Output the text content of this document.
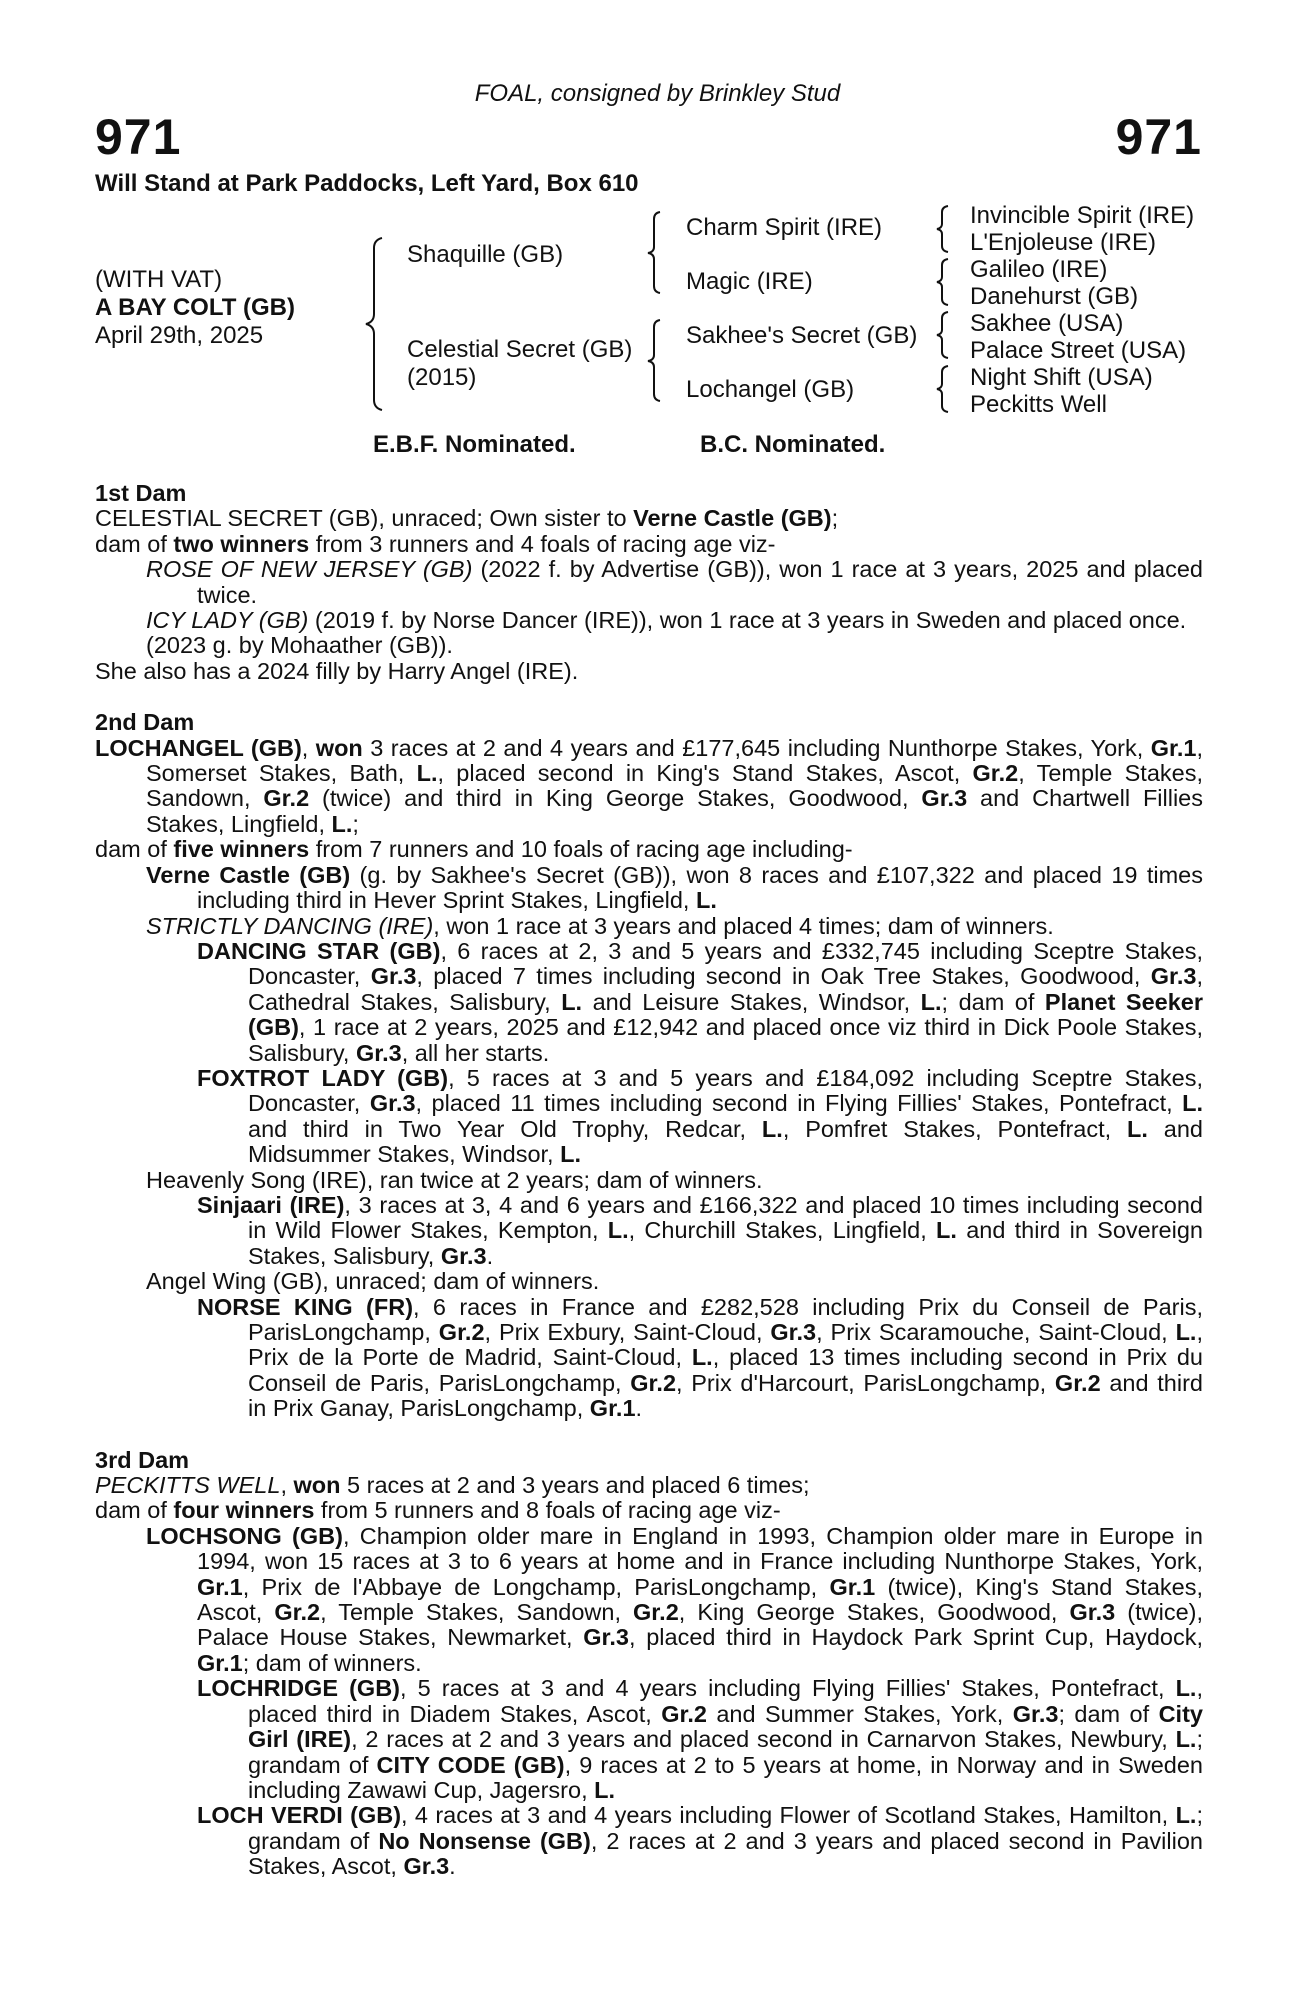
FOAL, consigned by Brinkley Stud
971	971
Will Stand at Park Paddocks, Left Yard, Box 610
(WITH VAT)
A BAY COLT (GB)
April 29th, 2025
Shaquille (GB)
Celestial Secret (GB)
(2015)
Charm Spirit (IRE)
Magic (IRE)
Sakhee's Secret (GB)
Lochangel (GB)
Invincible Spirit (IRE)
L'Enjoleuse (IRE)
Galileo (IRE)
Danehurst (GB)
Sakhee (USA)
Palace Street (USA)
Night Shift (USA)
Peckitts Well
E.B.F. Nominated.	B.C. Nominated.
1st Dam

CELESTIAL SECRET (GB), unraced; Own sister to Verne Castle (GB);

dam of two winners from 3 runners and 4 foals of racing age viz-

ROSE OF NEW JERSEY (GB) (2022 f. by Advertise (GB)), won 1 race at 3 years, 2025 and placed twice.

ICY LADY (GB) (2019 f. by Norse Dancer (IRE)), won 1 race at 3 years in Sweden and placed once.

(2023 g. by Mohaather (GB)).

She also has a 2024 filly by Harry Angel (IRE).

2nd Dam

LOCHANGEL (GB), won 3 races at 2 and 4 years and £177,645 including Nunthorpe Stakes, York, Gr.1, Somerset Stakes, Bath, L., placed second in King's Stand Stakes, Ascot, Gr.2, Temple Stakes, Sandown, Gr.2 (twice) and third in King George Stakes, Goodwood, Gr.3 and Chartwell Fillies Stakes, Lingfield, L.;

dam of five winners from 7 runners and 10 foals of racing age including-

Verne Castle (GB) (g. by Sakhee's Secret (GB)), won 8 races and £107,322 and placed 19 times including third in Hever Sprint Stakes, Lingfield, L.

STRICTLY DANCING (IRE), won 1 race at 3 years and placed 4 times; dam of winners.

DANCING STAR (GB), 6 races at 2, 3 and 5 years and £332,745 including Sceptre Stakes, Doncaster, Gr.3, placed 7 times including second in Oak Tree Stakes, Goodwood, Gr.3, Cathedral Stakes, Salisbury, L. and Leisure Stakes, Windsor, L.; dam of Planet Seeker (GB), 1 race at 2 years, 2025 and £12,942 and placed once viz third in Dick Poole Stakes, Salisbury, Gr.3, all her starts.

FOXTROT LADY (GB), 5 races at 3 and 5 years and £184,092 including Sceptre Stakes, Doncaster, Gr.3, placed 11 times including second in Flying Fillies' Stakes, Pontefract, L. and third in Two Year Old Trophy, Redcar, L., Pomfret Stakes, Pontefract, L. and Midsummer Stakes, Windsor, L.

Heavenly Song (IRE), ran twice at 2 years; dam of winners.

Sinjaari (IRE), 3 races at 3, 4 and 6 years and £166,322 and placed 10 times including second in Wild Flower Stakes, Kempton, L., Churchill Stakes, Lingfield, L. and third in Sovereign Stakes, Salisbury, Gr.3.

Angel Wing (GB), unraced; dam of winners.

NORSE KING (FR), 6 races in France and £282,528 including Prix du Conseil de Paris, ParisLongchamp, Gr.2, Prix Exbury, Saint-Cloud, Gr.3, Prix Scaramouche, Saint-Cloud, L., Prix de la Porte de Madrid, Saint-Cloud, L., placed 13 times including second in Prix du Conseil de Paris, ParisLongchamp, Gr.2, Prix d'Harcourt, ParisLongchamp, Gr.2 and third in Prix Ganay, ParisLongchamp, Gr.1.

3rd Dam

PECKITTS WELL, won 5 races at 2 and 3 years and placed 6 times;

dam of four winners from 5 runners and 8 foals of racing age viz-

LOCHSONG (GB), Champion older mare in England in 1993, Champion older mare in Europe in 1994, won 15 races at 3 to 6 years at home and in France including Nunthorpe Stakes, York, Gr.1, Prix de l'Abbaye de Longchamp, ParisLongchamp, Gr.1 (twice), King's Stand Stakes, Ascot, Gr.2, Temple Stakes, Sandown, Gr.2, King George Stakes, Goodwood, Gr.3 (twice), Palace House Stakes, Newmarket, Gr.3, placed third in Haydock Park Sprint Cup, Haydock, Gr.1; dam of winners.

LOCHRIDGE (GB), 5 races at 3 and 4 years including Flying Fillies' Stakes, Pontefract, L., placed third in Diadem Stakes, Ascot, Gr.2 and Summer Stakes, York, Gr.3; dam of City Girl (IRE), 2 races at 2 and 3 years and placed second in Carnarvon Stakes, Newbury, L.; grandam of CITY CODE (GB), 9 races at 2 to 5 years at home, in Norway and in Sweden including Zawawi Cup, Jagersro, L.

LOCH VERDI (GB), 4 races at 3 and 4 years including Flower of Scotland Stakes, Hamilton, L.; grandam of No Nonsense (GB), 2 races at 2 and 3 years and placed second in Pavilion Stakes, Ascot, Gr.3.
